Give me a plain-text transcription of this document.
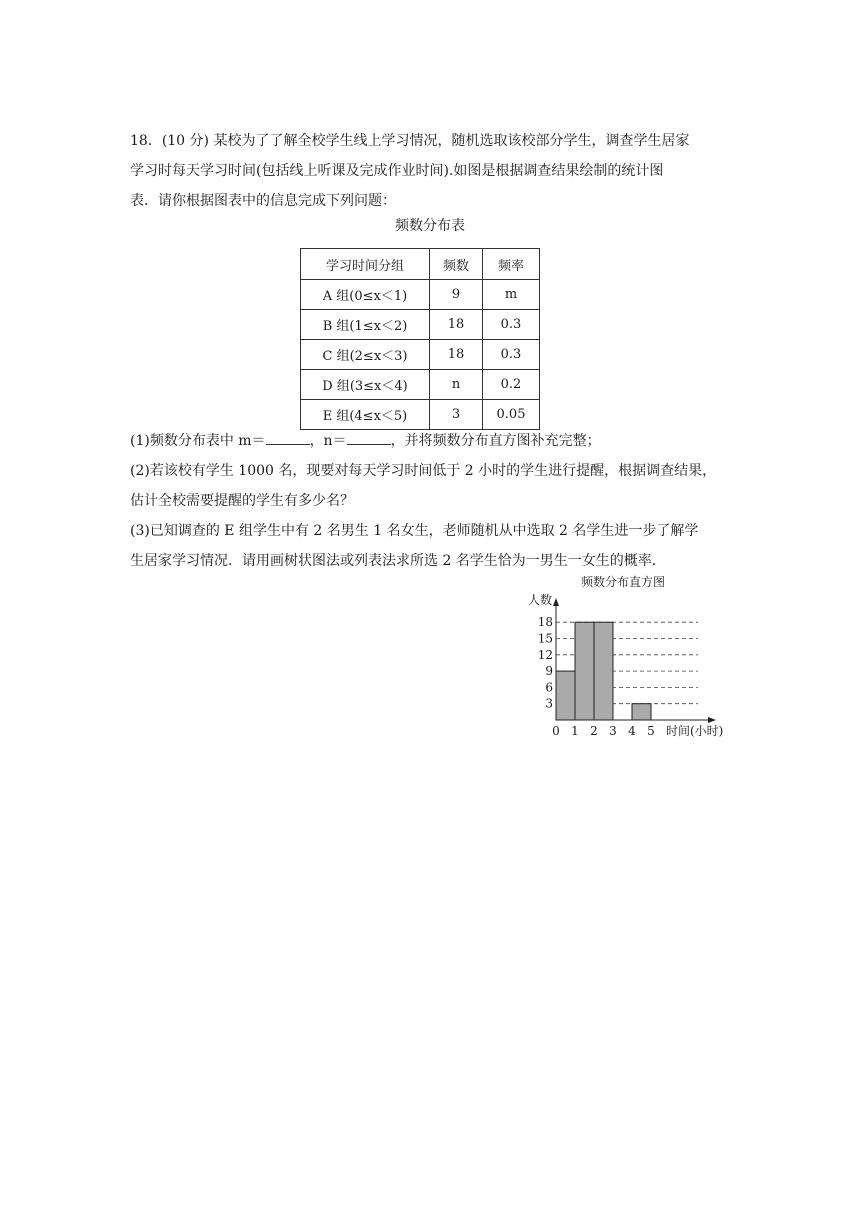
18．(10 分) 某校为了了解全校学生线上学习情况，随机选取该校部分学生，调查学生居家
学习时每天学习时间(包括线上听课及完成作业时间).如图是根据调查结果绘制的统计图
表．请你根据图表中的信息完成下列问题：
频数分布表
学习时间分组	频数	频率
A 组(0≤x＜1)	9	m
B 组(1≤x＜2)	18	0.3
C 组(2≤x＜3)	18	0.3
D 组(3≤x＜4)	n	0.2
E 组(4≤x＜5)	3	0.05
(1)频数分布表中 m＝	，n＝	，并将频数分布直方图补充完整；
(2)若该校有学生 1000 名，现要对每天学习时间低于 2 小时的学生进行提醒，根据调查结果，
估计全校需要提醒的学生有多少名？
(3)已知调查的 E 组学生中有 2 名男生 1 名女生，老师随机从中选取 2 名学生进一步了解学
生居家学习情况．请用画树状图法或列表法求所选 2 名学生恰为一男生一女生的概率．
3
6
9
12
15
18
0 1 2 3 4 5
频数分布直方图
人数
时间(小时)
